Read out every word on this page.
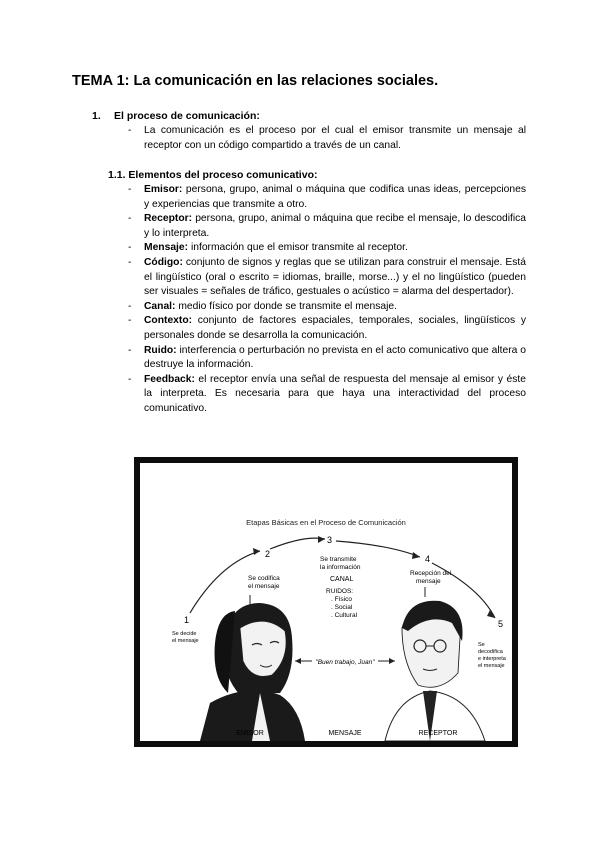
TEMA 1: La comunicación en las relaciones sociales.
1. El proceso de comunicación:
- La comunicación es el proceso por el cual el emisor transmite un mensaje al receptor con un código compartido a través de un canal.
1.1. Elementos del proceso comunicativo:
- Emisor: persona, grupo, animal o máquina que codifica unas ideas, percepciones y experiencias que transmite a otro.
- Receptor: persona, grupo, animal o máquina que recibe el mensaje, lo descodifica y lo interpreta.
- Mensaje: información que el emisor transmite al receptor.
- Código: conjunto de signos y reglas que se utilizan para construir el mensaje. Está el lingüístico (oral o escrito = idiomas, braille, morse...) y el no lingüístico (pueden ser visuales = señales de tráfico, gestuales o acústico = alarma del despertador).
- Canal: medio físico por donde se transmite el mensaje.
- Contexto: conjunto de factores espaciales, temporales, sociales, lingüísticos y personales donde se desarrolla la comunicación.
- Ruido: interferencia o perturbación no prevista en el acto comunicativo que altera o destruye la información.
- Feedback: el receptor envía una señal de respuesta del mensaje al emisor y éste la interpreta. Es necesaria para que haya una interactividad del proceso comunicativo.
Etapas Básicas en el Proceso de Comunicación
1
2
3
4
5
Se decide
el mensaje
Se codifica
el mensaje
Se transmite
la información
CANAL
RUIDOS:
. Físico
. Social
. Cultural
Recepción del
mensaje
Se
decodifica
e interpreta
el mensaje
"Buen trabajo, Juan"
EMISOR	MENSAJE	RECEPTOR
